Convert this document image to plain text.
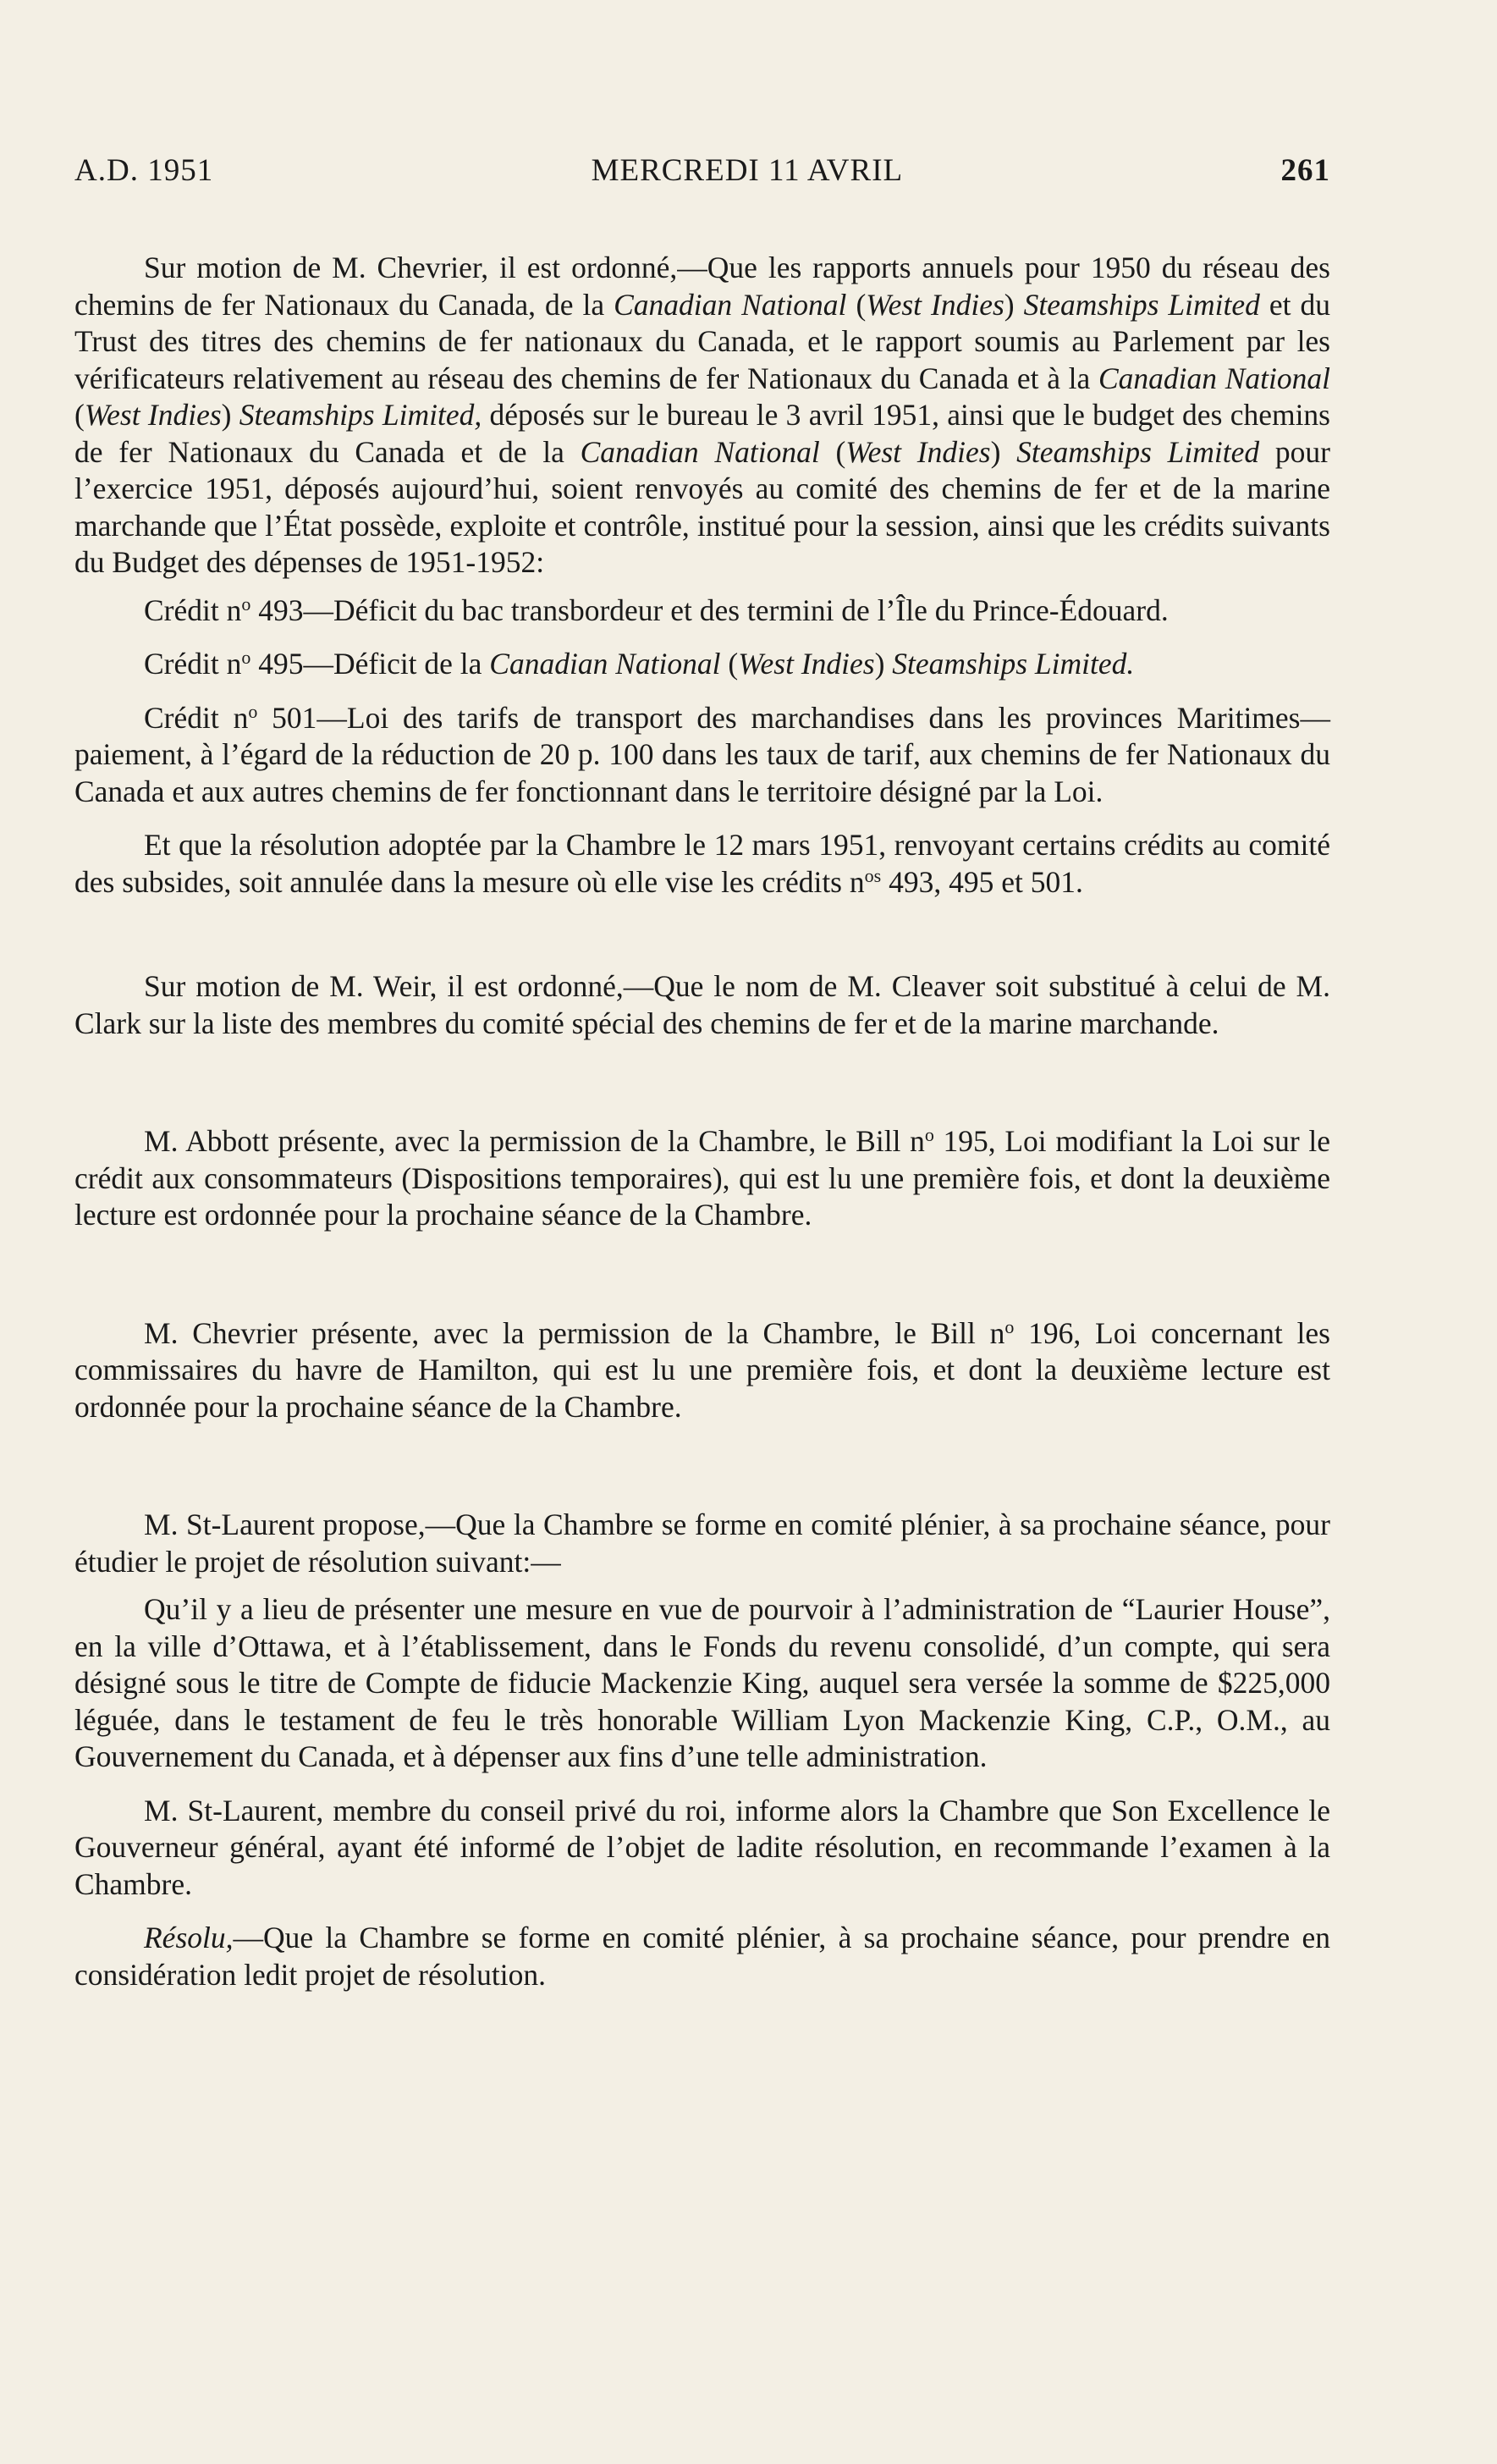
A.D. 1951	MERCREDI 11 AVRIL	261

Sur motion de M. Chevrier, il est ordonné,—Que les rapports annuels pour 1950 du réseau des chemins de fer Nationaux du Canada, de la Canadian National (West Indies) Steamships Limited et du Trust des titres des chemins de fer nationaux du Canada, et le rapport soumis au Parlement par les vérificateurs relativement au réseau des chemins de fer Nationaux du Canada et à la Canadian National (West Indies) Steamships Limited, déposés sur le bureau le 3 avril 1951, ainsi que le budget des chemins de fer Nationaux du Canada et de la Canadian National (West Indies) Steamships Limited pour l’exercice 1951, déposés aujourd’hui, soient renvoyés au comité des chemins de fer et de la marine marchande que l’État possède, exploite et contrôle, institué pour la session, ainsi que les crédits suivants du Budget des dépenses de 1951-1952:

Crédit $n^o$ 493—Déficit du bac transbordeur et des termini de l’Île du Prince-Édouard.

Crédit $n^o$ 495—Déficit de la Canadian National (West Indies) Steamships Limited.

Crédit $n^o$ 501—Loi des tarifs de transport des marchandises dans les provinces Maritimes—paiement, à l’égard de la réduction de 20 p. 100 dans les taux de tarif, aux chemins de fer Nationaux du Canada et aux autres chemins de fer fonctionnant dans le territoire désigné par la Loi.

Et que la résolution adoptée par la Chambre le 12 mars 1951, renvoyant certains crédits au comité des subsides, soit annulée dans la mesure où elle vise les crédits $n^{os}$ 493, 495 et 501.

Sur motion de M. Weir, il est ordonné,—Que le nom de M. Cleaver soit substitué à celui de M. Clark sur la liste des membres du comité spécial des chemins de fer et de la marine marchande.

M. Abbott présente, avec la permission de la Chambre, le Bill $n^o$ 195, Loi modifiant la Loi sur le crédit aux consommateurs (Dispositions temporaires), qui est lu une première fois, et dont la deuxième lecture est ordonnée pour la prochaine séance de la Chambre.

M. Chevrier présente, avec la permission de la Chambre, le Bill $n^o$ 196, Loi concernant les commissaires du havre de Hamilton, qui est lu une première fois, et dont la deuxième lecture est ordonnée pour la prochaine séance de la Chambre.

M. St-Laurent propose,—Que la Chambre se forme en comité plénier, à sa prochaine séance, pour étudier le projet de résolution suivant:—

Qu’il y a lieu de présenter une mesure en vue de pourvoir à l’administration de “Laurier House”, en la ville d’Ottawa, et à l’établissement, dans le Fonds du revenu consolidé, d’un compte, qui sera désigné sous le titre de Compte de fiducie Mackenzie King, auquel sera versée la somme de $225,000 léguée, dans le testament de feu le très honorable William Lyon Mackenzie King, C.P., O.M., au Gouvernement du Canada, et à dépenser aux fins d’une telle administration.

M. St-Laurent, membre du conseil privé du roi, informe alors la Chambre que Son Excellence le Gouverneur général, ayant été informé de l’objet de ladite résolution, en recommande l’examen à la Chambre.

Résolu,—Que la Chambre se forme en comité plénier, à sa prochaine séance, pour prendre en considération ledit projet de résolution.
